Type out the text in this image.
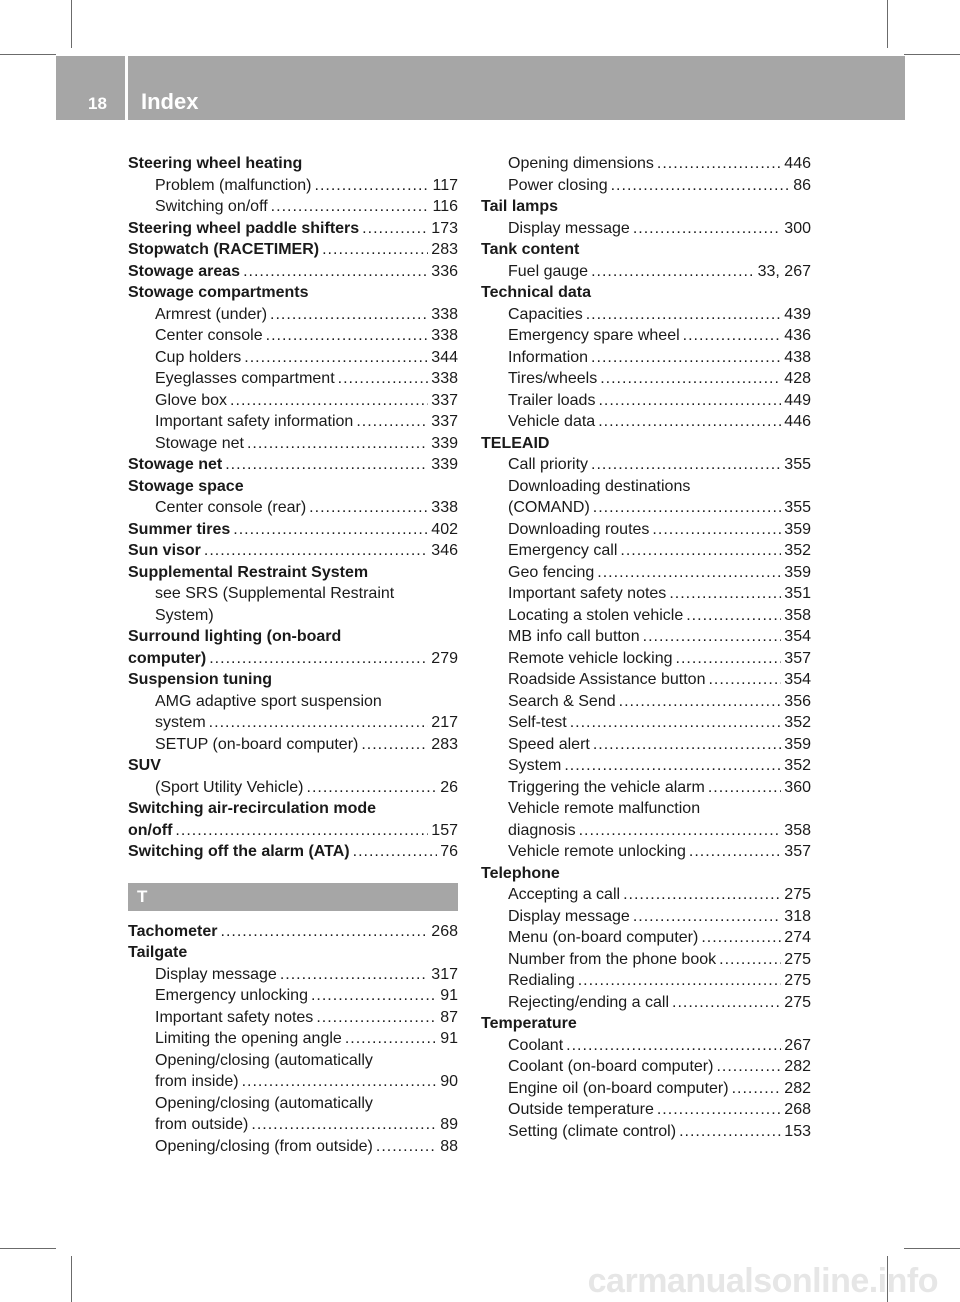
18 Index
Steering wheel heating
Problem (malfunction) .....	117
Switching on/off .....	116
Steering wheel paddle shifters .....	173
Stopwatch (RACETIMER) .....	283
Stowage areas .....	336
Stowage compartments
Armrest (under) .....	338
Center console .....	338
Cup holders .....	344
Eyeglasses compartment .....	338
Glove box .....	337
Important safety information .....	337
Stowage net .....	339
Stowage net .....	339
Stowage space
Center console (rear) .....	338
Summer tires .....	402
Sun visor .....	346
Supplemental Restraint System
see SRS (Supplemental Restraint
System)
Surround lighting (on-board
computer) .....	279
Suspension tuning
AMG adaptive sport suspension
system .....	217
SETUP (on-board computer) .....	283
SUV
(Sport Utility Vehicle) .....	26
Switching air-recirculation mode
on/off .....	157
Switching off the alarm (ATA) .....	76
T
Tachometer .....	268
Tailgate
Display message .....	317
Emergency unlocking .....	91
Important safety notes .....	87
Limiting the opening angle .....	91
Opening/closing (automatically
from inside) .....	90
Opening/closing (automatically
from outside) .....	89
Opening/closing (from outside) .....	88
Opening dimensions .....	446
Power closing .....	86
Tail lamps
Display message .....	300
Tank content
Fuel gauge .....	33, 267
Technical data
Capacities .....	439
Emergency spare wheel .....	436
Information .....	438
Tires/wheels .....	428
Trailer loads .....	449
Vehicle data .....	446
TELEAID
Call priority .....	355
Downloading destinations
(COMAND) .....	355
Downloading routes .....	359
Emergency call .....	352
Geo fencing .....	359
Important safety notes .....	351
Locating a stolen vehicle .....	358
MB info call button .....	354
Remote vehicle locking .....	357
Roadside Assistance button .....	354
Search & Send .....	356
Self-test .....	352
Speed alert .....	359
System .....	352
Triggering the vehicle alarm .....	360
Vehicle remote malfunction
diagnosis .....	358
Vehicle remote unlocking .....	357
Telephone
Accepting a call .....	275
Display message .....	318
Menu (on-board computer) .....	274
Number from the phone book .....	275
Redialing .....	275
Rejecting/ending a call .....	275
Temperature
Coolant .....	267
Coolant (on-board computer) .....	282
Engine oil (on-board computer) .....	282
Outside temperature .....	268
Setting (climate control) .....	153
carmanualsonline.info
